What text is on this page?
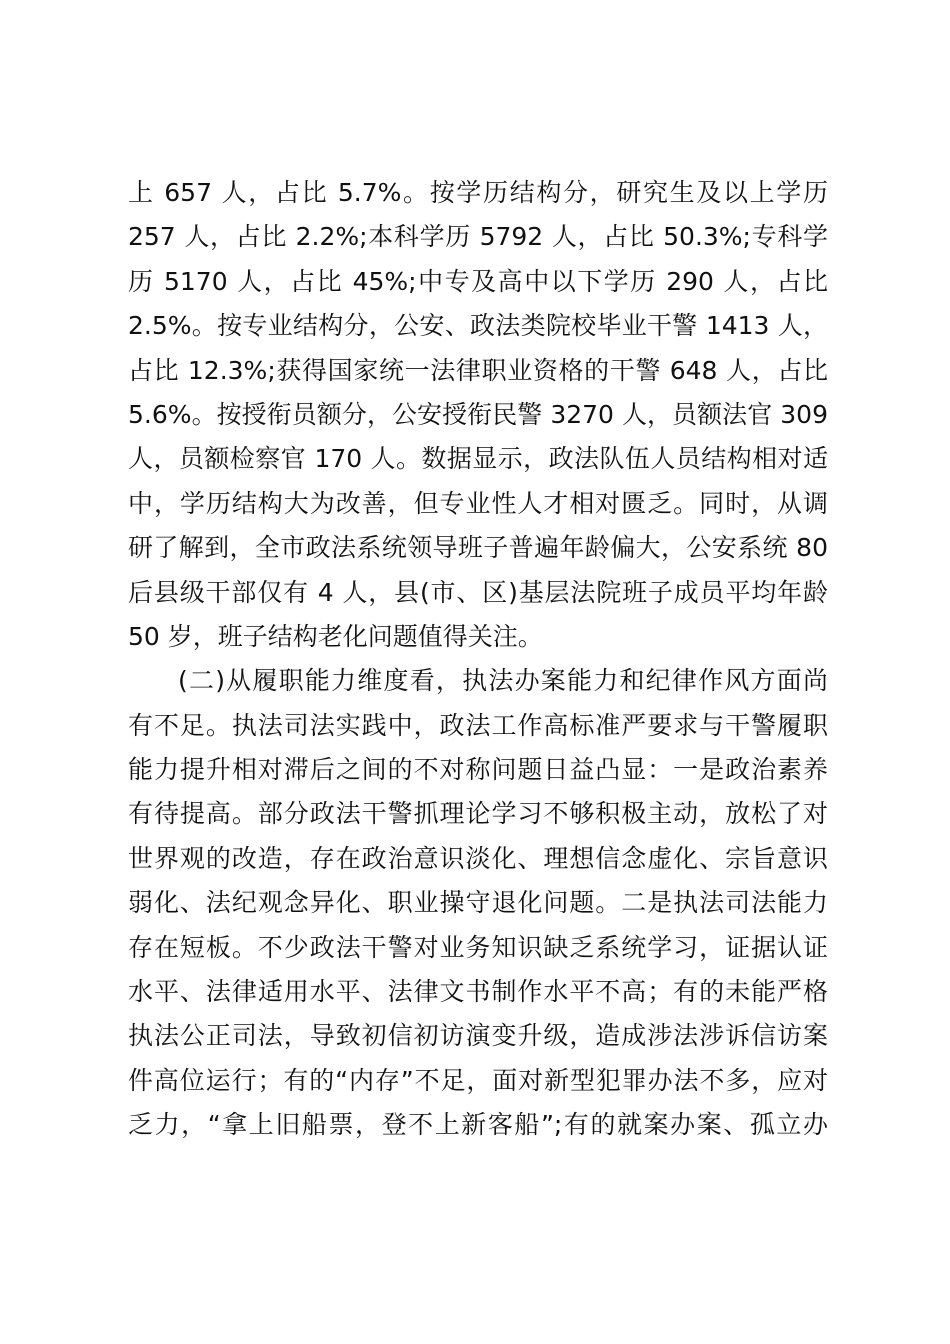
上 657 人，占比 5.7%。按学历结构分，研究生及以上学历
257 人，占比 2.2%;本科学历 5792 人，占比 50.3%;专科学
历 5170 人，占比 45%;中专及高中以下学历 290 人，占比
2.5%。按专业结构分，公安、政法类院校毕业干警 1413 人，
占比 12.3%;获得国家统一法律职业资格的干警 648 人，占比
5.6%。按授衔员额分，公安授衔民警 3270 人，员额法官 309
人，员额检察官 170 人。数据显示，政法队伍人员结构相对适
中，学历结构大为改善，但专业性人才相对匮乏。同时，从调
研了解到，全市政法系统领导班子普遍年龄偏大，公安系统 80
后县级干部仅有 4 人，县(市、区)基层法院班子成员平均年龄
50 岁，班子结构老化问题值得关注。
(二)从履职能力维度看，执法办案能力和纪律作风方面尚
有不足。执法司法实践中，政法工作高标准严要求与干警履职
能力提升相对滞后之间的不对称问题日益凸显：一是政治素养
有待提高。部分政法干警抓理论学习不够积极主动，放松了对
世界观的改造，存在政治意识淡化、理想信念虚化、宗旨意识
弱化、法纪观念异化、职业操守退化问题。二是执法司法能力
存在短板。不少政法干警对业务知识缺乏系统学习，证据认证
水平、法律适用水平、法律文书制作水平不高；有的未能严格
执法公正司法，导致初信初访演变升级，造成涉法涉诉信访案
件高位运行；有的“内存”不足，面对新型犯罪办法不多，应对
乏力，“拿上旧船票，登不上新客船”;有的就案办案、孤立办
